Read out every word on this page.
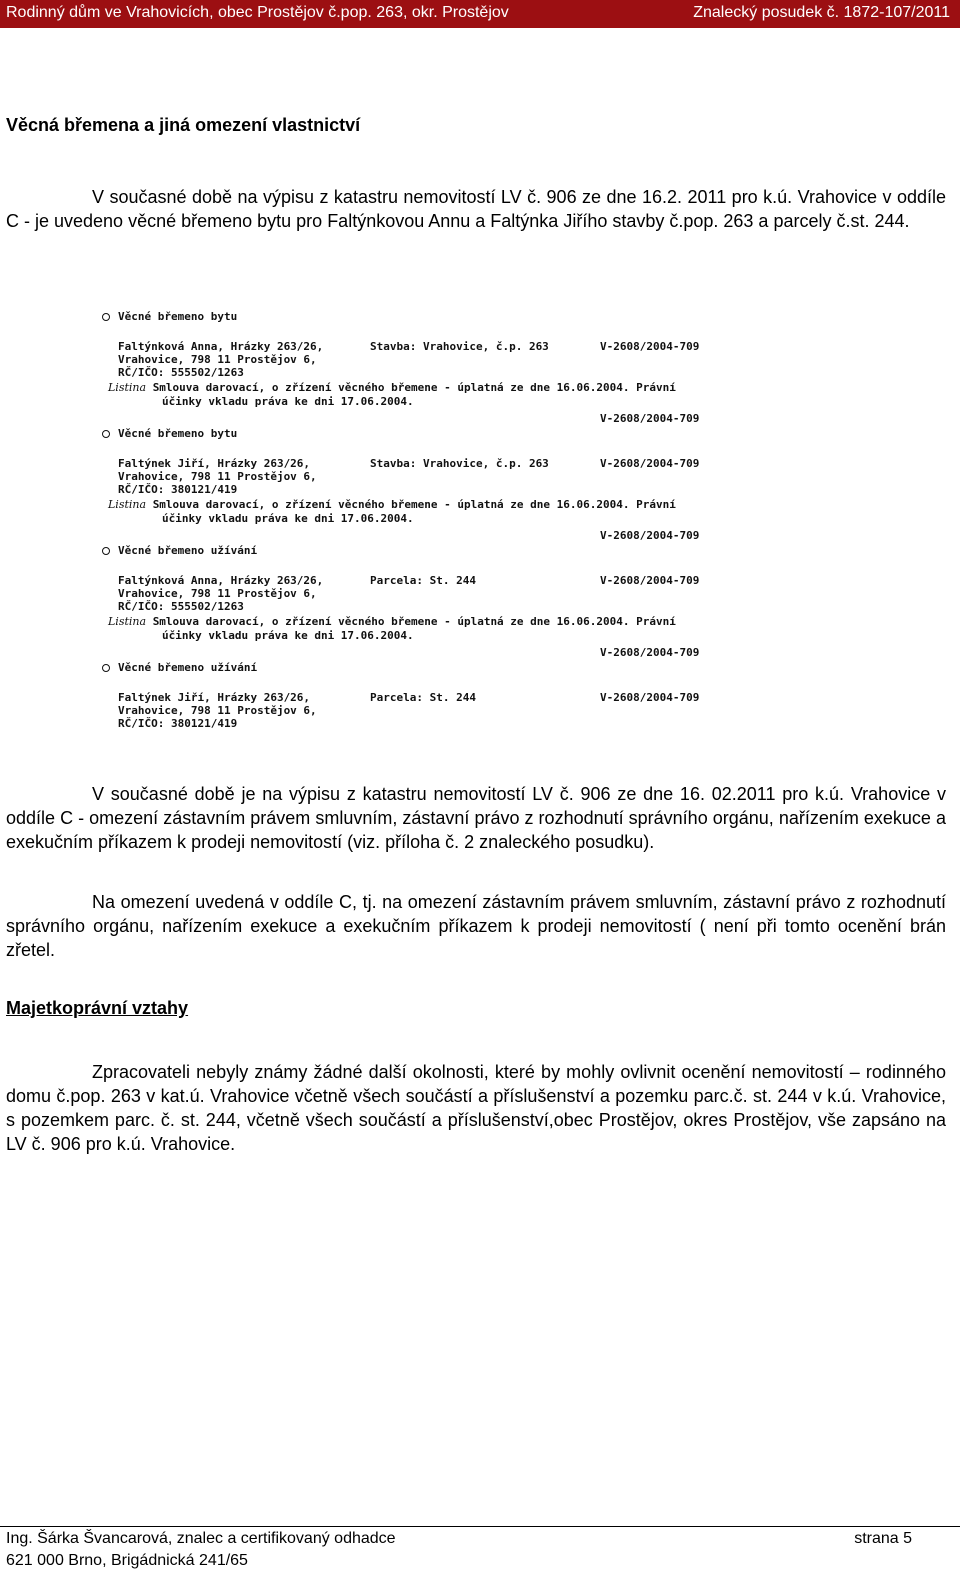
Rodinný dům ve Vrahovicích, obec Prostějov č.pop. 263, okr. Prostějov	Znalecký posudek č. 1872-107/2011
Věcná břemena a jiná omezení vlastnictví
V současné době na výpisu z katastru nemovitostí LV č. 906 ze dne 16.2. 2011 pro k.ú. Vrahovice v oddíle C - je uvedeno věcné břemeno bytu pro Faltýnkovou Annu a Faltýnka Jiřího stavby č.pop. 263 a parcely č.st. 244.
Věcné břemeno bytu
Faltýnková Anna, Hrázky 263/26,	Stavba: Vrahovice, č.p. 263	V-2608/2004-709
Vrahovice, 798 11 Prostějov 6,
RČ/IČO: 555502/1263
Listina Smlouva darovací, o zřízení věcného břemene - úplatná ze dne 16.06.2004. Právní
účinky vkladu práva ke dni 17.06.2004.
V-2608/2004-709
Věcné břemeno bytu
Faltýnek Jiří, Hrázky 263/26,	Stavba: Vrahovice, č.p. 263	V-2608/2004-709
Vrahovice, 798 11 Prostějov 6,
RČ/IČO: 380121/419
Listina Smlouva darovací, o zřízení věcného břemene - úplatná ze dne 16.06.2004. Právní
účinky vkladu práva ke dni 17.06.2004.
V-2608/2004-709
Věcné břemeno užívání
Faltýnková Anna, Hrázky 263/26,	Parcela: St. 244	V-2608/2004-709
Vrahovice, 798 11 Prostějov 6,
RČ/IČO: 555502/1263
Listina Smlouva darovací, o zřízení věcného břemene - úplatná ze dne 16.06.2004. Právní
účinky vkladu práva ke dni 17.06.2004.
V-2608/2004-709
Věcné břemeno užívání
Faltýnek Jiří, Hrázky 263/26,	Parcela: St. 244	V-2608/2004-709
Vrahovice, 798 11 Prostějov 6,
RČ/IČO: 380121/419
V současné době je na výpisu z katastru nemovitostí LV č. 906 ze dne 16. 02.2011 pro k.ú. Vrahovice v oddíle C - omezení zástavním právem smluvním, zástavní právo z rozhodnutí správního orgánu, nařízením exekuce a exekučním příkazem k prodeji nemovitostí (viz. příloha č. 2 znaleckého posudku).
Na omezení uvedená v oddíle C, tj. na omezení zástavním právem smluvním, zástavní právo z rozhodnutí správního orgánu, nařízením exekuce a exekučním příkazem k prodeji nemovitostí ( není při tomto ocenění brán zřetel.
Majetkoprávní vztahy
Zpracovateli nebyly známy žádné další okolnosti, které by mohly ovlivnit ocenění nemovitostí – rodinného domu č.pop. 263 v kat.ú. Vrahovice včetně všech součástí a příslušenství a pozemku parc.č. st. 244 v k.ú. Vrahovice, s pozemkem parc. č. st. 244, včetně všech součástí a příslušenství,obec Prostějov, okres Prostějov, vše zapsáno na LV č. 906 pro k.ú. Vrahovice.
Ing. Šárka Švancarová, znalec a certifikovaný odhadce	strana 5
621 000 Brno, Brigádnická 241/65
